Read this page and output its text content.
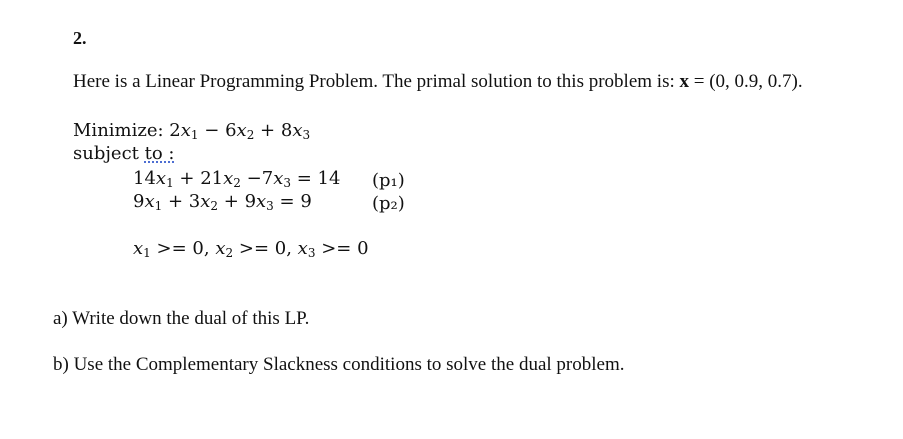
2.
Here is a Linear Programming Problem. The primal solution to this problem is: x = (0, 0.9, 0.7).
Minimize: $2x_1 - 6x_2 + 8x_3$
subject to :
$14x_1 + 21x_2 -7x_3 = 14$
$9x_1 + 3x_2 + 9x_3 = 9$
(p₁)
(p₂)
$x_1 >= 0$, $x_2 >= 0$, $x_3 >= 0$
a) Write down the dual of this LP.
b) Use the Complementary Slackness conditions to solve the dual problem.
